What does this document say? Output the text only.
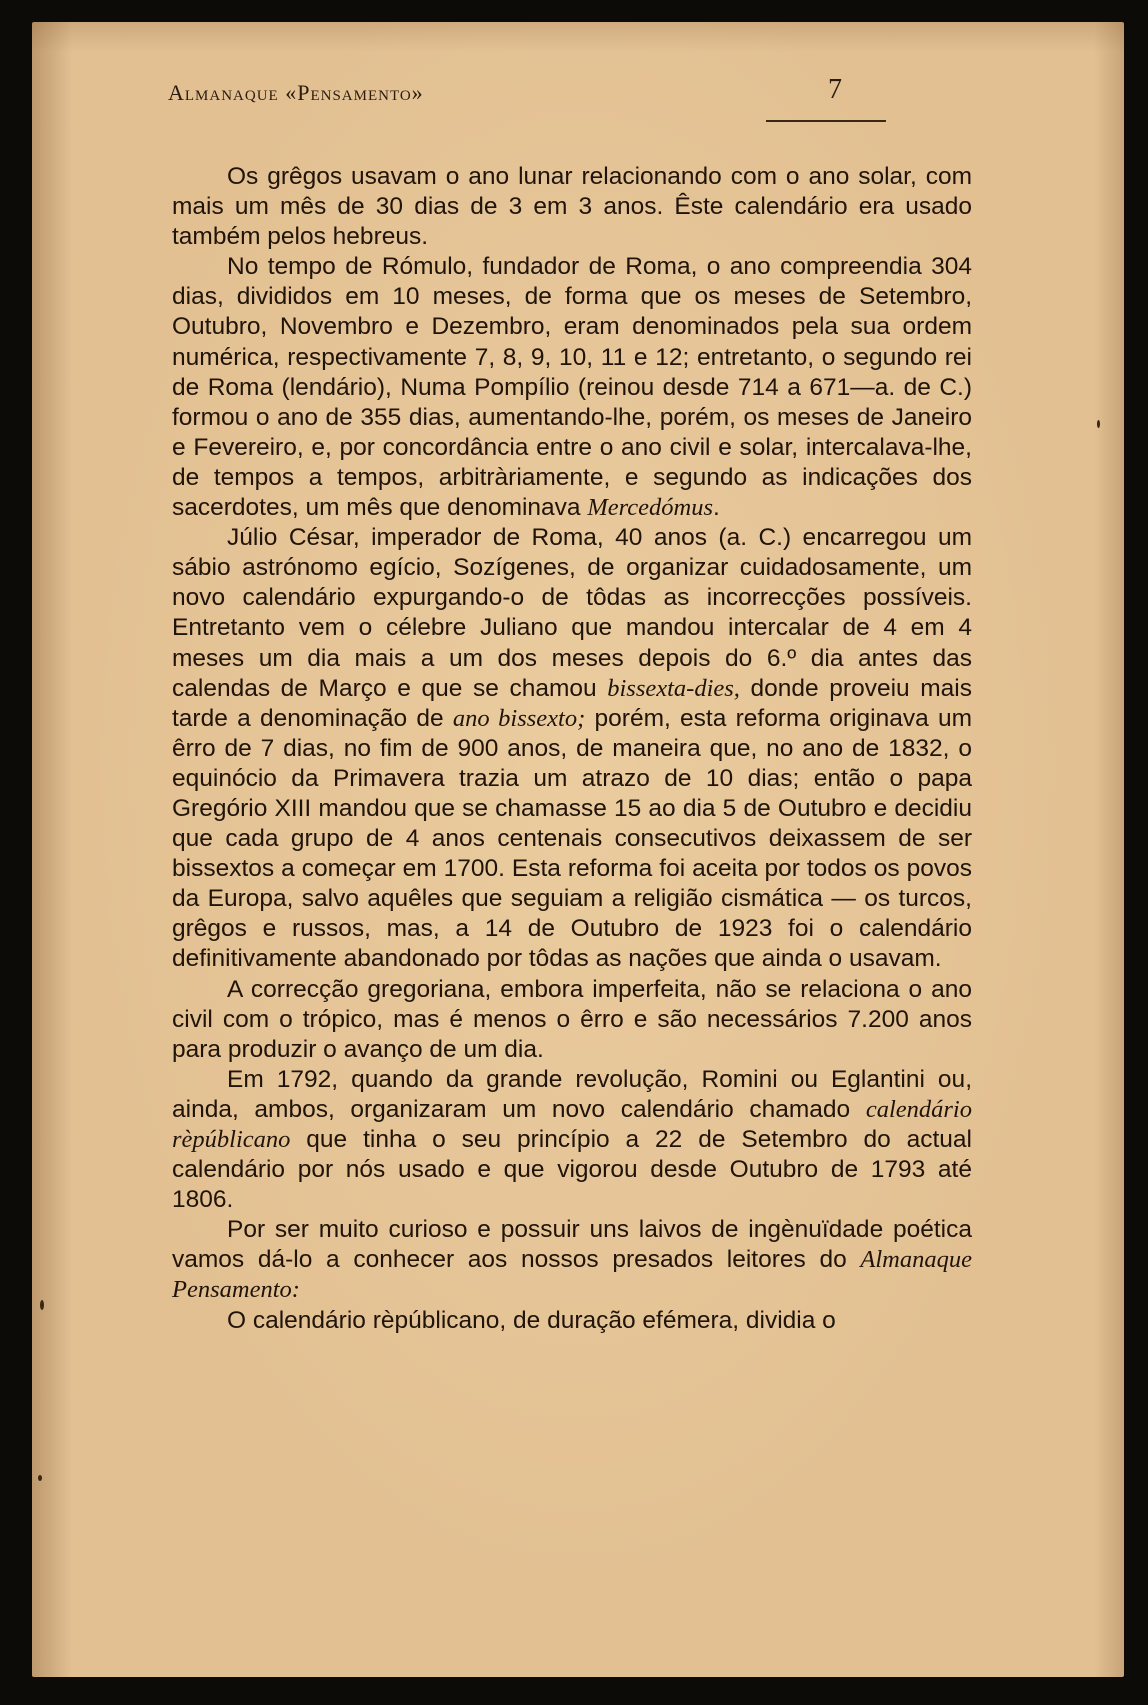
Almanaque «Pensamento»	7

Os grêgos usavam o ano lunar relacionando com o ano solar, com mais um mês de 30 dias de 3 em 3 anos. Êste calendário era usado também pelos hebreus.

No tempo de Rómulo, fundador de Roma, o ano compreendia 304 dias, divididos em 10 meses, de forma que os meses de Setembro, Outubro, Novembro e Dezembro, eram denominados pela sua ordem numérica, respectivamente 7, 8, 9, 10, 11 e 12; entretanto, o segundo rei de Roma (lendário), Numa Pompílio (reinou desde 714 a 671—a. de C.) formou o ano de 355 dias, aumentando-lhe, porém, os meses de Janeiro e Fevereiro, e, por concordância entre o ano civil e solar, intercalava-lhe, de tempos a tempos, arbitràriamente, e segundo as indicações dos sacerdotes, um mês que denominava Mercedómus.

Júlio César, imperador de Roma, 40 anos (a. C.) encarregou um sábio astrónomo egício, Sozígenes, de organizar cuidadosamente, um novo calendário expurgando-o de tôdas as incorrecções possíveis. Entretanto vem o célebre Juliano que mandou intercalar de 4 em 4 meses um dia mais a um dos meses depois do 6.º dia antes das calendas de Março e que se chamou bissexta-dies, donde proveiu mais tarde a denominação de ano bissexto; porém, esta reforma originava um êrro de 7 dias, no fim de 900 anos, de maneira que, no ano de 1832, o equinócio da Primavera trazia um atrazo de 10 dias; então o papa Gregório XIII mandou que se chamasse 15 ao dia 5 de Outubro e decidiu que cada grupo de 4 anos centenais consecutivos deixassem de ser bissextos a começar em 1700. Esta reforma foi aceita por todos os povos da Europa, salvo aquêles que seguiam a religião cismática — os turcos, grêgos e russos, mas, a 14 de Outubro de 1923 foi o calendário definitivamente abandonado por tôdas as nações que ainda o usavam.

A correcção gregoriana, embora imperfeita, não se relaciona o ano civil com o trópico, mas é menos o êrro e são necessários 7.200 anos para produzir o avanço de um dia.

Em 1792, quando da grande revolução, Romini ou Eglantini ou, ainda, ambos, organizaram um novo calendário chamado calendário rèpúblicano que tinha o seu princípio a 22 de Setembro do actual calendário por nós usado e que vigorou desde Outubro de 1793 até 1806.

Por ser muito curioso e possuir uns laivos de ingènuïdade poética vamos dá-lo a conhecer aos nossos presados leitores do Almanaque Pensamento:

O calendário rèpúblicano, de duração efémera, dividia o
